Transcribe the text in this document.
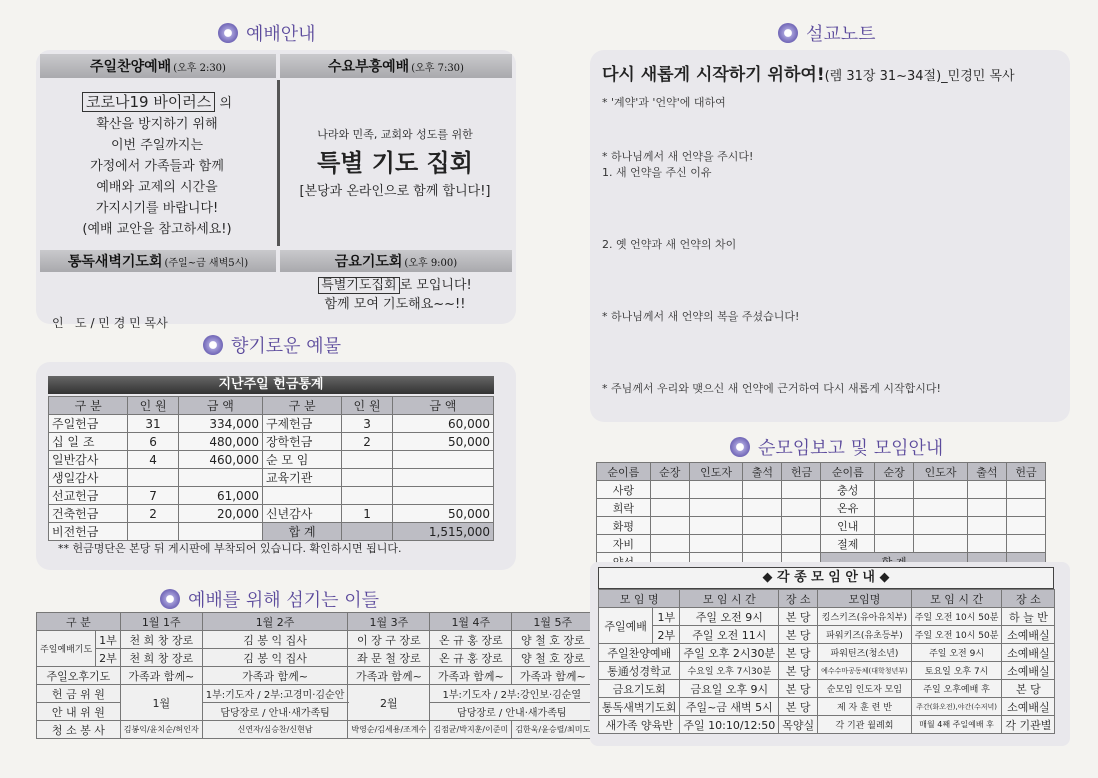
예배안내
주일찬양예배 (오후 2:30)	수요부흥예배 (오후 7:30)
코로나19 바이러스 의
확산을 방지하기 위해
이번 주일까지는
가정에서 가족들과 함께
예배와 교제의 시간을
가지시기를 바랍니다!
(예배 교안을 참고하세요!)
나라와 민족, 교회와 성도를 위한
특별 기도 집회
[본당과 온라인으로 함께 합니다!]
통독새벽기도회 (주일~금 새벽5시)	금요기도회 (오후 9:00)

인   도 / 민 경 민 목사

특별기도집회 로 모입니다!
함께 모여 기도해요~~!!
향기로운 예물
지난주일 헌금통계
구 분	인 원	금 액	구 분	인 원	금 액
주일헌금	31	334,000	구제헌금	3	60,000
십 일 조	6	480,000	장학헌금	2	50,000
일반감사	4	460,000	순 모 임		
생일감사			교육기관		
선교헌금	7	61,000			
건축헌금	2	20,000	신년감사	1	50,000
비전헌금			합 계		1,515,000
** 헌금명단은 본당 뒤 게시판에 부착되어 있습니다. 확인하시면 됩니다.
예배를 위해 섬기는 이들
구 분		1월 1주	1월 2주	1월 3주	1월 4주	1월 5주
주일예배기도	1부	천 희 창 장로	김 봉 익 집사	이 장 구 장로	온 규 홍 장로	양 철 호 장로
	2부	천 희 창 장로	김 봉 익 집사	좌 문 철 장로	온 규 홍 장로	양 철 호 장로
주일오후기도		가족과 함께~	가족과 함께~	가족과 함께~	가족과 함께~	가족과 함께~
헌 금 위 원		1월	1부:기도자 / 2부:고경미·김순안	2월	1부:기도자 / 2부:강인보·김순열	
안 내 위 원			담당장로 / 안내·새가족팀		담당장로 / 안내·새가족팀	
청 소 봉 사		김봉익/윤치순/허인자	신연자/심승찬/신현남	박영순/김세용/조계수	김점균/박지훈/이준미	김한욱/윤승렬/최미도
설교노트
다시 새롭게 시작하기 위하여!(렘 31장 31~34절)_민경민 목사
* '계약'과 '언약'에 대하여
* 하나님께서 새 언약을 주시다!
1. 새 언약을 주신 이유
2. 옛 언약과 새 언약의 차이
* 하나님께서 새 언약의 복을 주셨습니다!
* 주님께서 우리와 맺으신 새 언약에 근거하여 다시 새롭게 시작합시다!
순모임보고 및 모임안내
순이름	순장	인도자	출석	헌금	순이름	순장	인도자	출석	헌금
사랑					충성				
희락					온유				
화평					인내				
자비					절제				

◆ 각 종 모 임 안 내 ◆
모 임 명		모 임 시 간	장 소	모임명	모 임 시 간	장 소
주일예배	1부	주일 오전 9시	본 당	킹스키즈(유아유치부)	주일 오전 10시 50분	하 늘 반
	2부	주일 오전 11시	본 당	파워키즈(유초등부)	주일 오전 10시 50분	소예배실
주일찬양예배		주일 오후 2시30분	본 당	파워틴즈(청소년)	주일 오전 9시	소예배실
통通성경학교		수요일 오후 7시30분	본 당	예수수마공동체(대학청년부)	토요일 오후 7시	소예배실
금요기도회		금요일 오후 9시	본 당	순모임 인도자 모임	주일 오후예배 후	본 당
통독새벽기도회		주일~금 새벽 5시	본 당	제 자 훈 련 반	주간(화오전),야간(수저녁)	소예배실
새가족 양육반		주일 10:10/12:50	목양실	각 기관 월례회	매월 4째 주일예배 후	각 기관별
